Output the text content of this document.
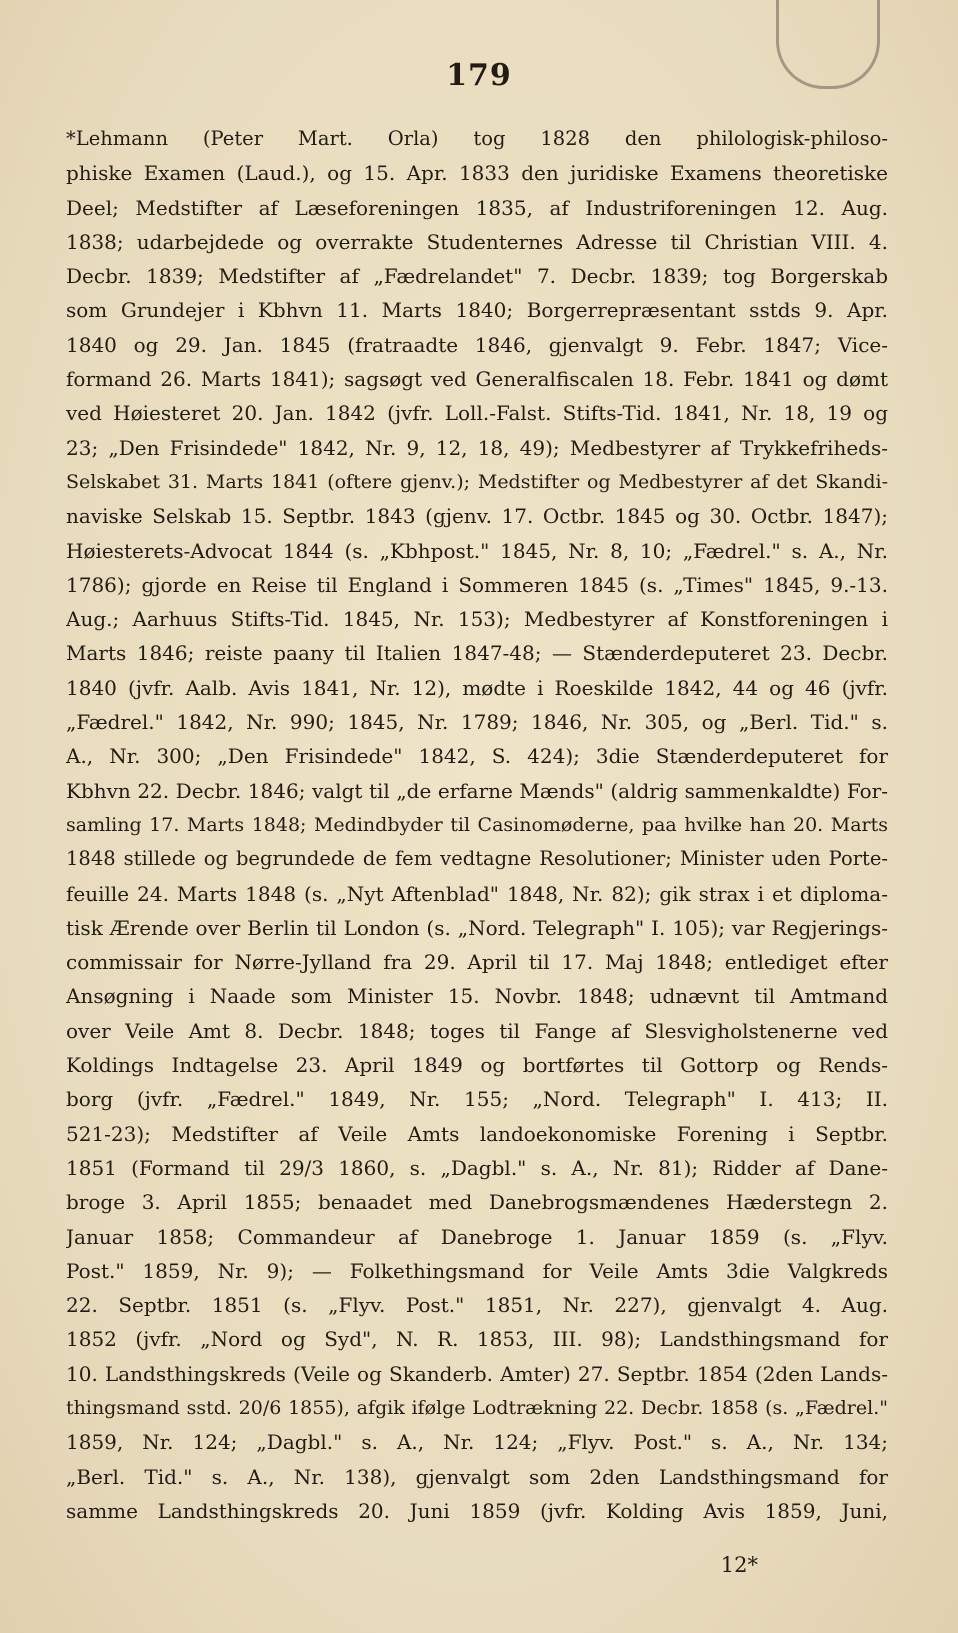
179
*Lehmann (Peter Mart. Orla) tog 1828 den philologisk-philoso-
phiske Examen (Laud.), og 15. Apr. 1833 den juridiske Examens theoretiske
Deel; Medstifter af Læseforeningen 1835, af Industriforeningen 12. Aug.
1838; udarbejdede og overrakte Studenternes Adresse til Christian VIII. 4.
Decbr. 1839; Medstifter af „Fædrelandet" 7. Decbr. 1839; tog Borgerskab
som Grundejer i Kbhvn 11. Marts 1840; Borgerrepræsentant sstds 9. Apr.
1840 og 29. Jan. 1845 (fratraadte 1846, gjenvalgt 9. Febr. 1847; Vice-
formand 26. Marts 1841); sagsøgt ved Generalfiscalen 18. Febr. 1841 og dømt
ved Høiesteret 20. Jan. 1842 (jvfr. Loll.-Falst. Stifts-Tid. 1841, Nr. 18, 19 og
23; „Den Frisindede" 1842, Nr. 9, 12, 18, 49); Medbestyrer af Trykkefriheds-
Selskabet 31. Marts 1841 (oftere gjenv.); Medstifter og Medbestyrer af det Skandi-
naviske Selskab 15. Septbr. 1843 (gjenv. 17. Octbr. 1845 og 30. Octbr. 1847);
Høiesterets-Advocat 1844 (s. „Kbhpost." 1845, Nr. 8, 10; „Fædrel." s. A., Nr.
1786); gjorde en Reise til England i Sommeren 1845 (s. „Times" 1845, 9.-13.
Aug.; Aarhuus Stifts-Tid. 1845, Nr. 153); Medbestyrer af Konstforeningen i
Marts 1846; reiste paany til Italien 1847-48; — Stænderdeputeret 23. Decbr.
1840 (jvfr. Aalb. Avis 1841, Nr. 12), mødte i Roeskilde 1842, 44 og 46 (jvfr.
„Fædrel." 1842, Nr. 990; 1845, Nr. 1789; 1846, Nr. 305, og „Berl. Tid." s.
A., Nr. 300; „Den Frisindede" 1842, S. 424); 3die Stænderdeputeret for
Kbhvn 22. Decbr. 1846; valgt til „de erfarne Mænds" (aldrig sammenkaldte) For-
samling 17. Marts 1848; Medindbyder til Casinomøderne, paa hvilke han 20. Marts
1848 stillede og begrundede de fem vedtagne Resolutioner; Minister uden Porte-
feuille 24. Marts 1848 (s. „Nyt Aftenblad" 1848, Nr. 82); gik strax i et diploma-
tisk Ærende over Berlin til London (s. „Nord. Telegraph" I. 105); var Regjerings-
commissair for Nørre-Jylland fra 29. April til 17. Maj 1848; entlediget efter
Ansøgning i Naade som Minister 15. Novbr. 1848; udnævnt til Amtmand
over Veile Amt 8. Decbr. 1848; toges til Fange af Slesvigholstenerne ved
Koldings Indtagelse 23. April 1849 og bortførtes til Gottorp og Rends-
borg (jvfr. „Fædrel." 1849, Nr. 155; „Nord. Telegraph" I. 413; II.
521-23); Medstifter af Veile Amts landoekonomiske Forening i Septbr.
1851 (Formand til 29/3 1860, s. „Dagbl." s. A., Nr. 81); Ridder af Dane-
broge 3. April 1855; benaadet med Danebrogsmændenes Hæderstegn 2.
Januar 1858; Commandeur af Danebroge 1. Januar 1859 (s. „Flyv.
Post." 1859, Nr. 9); — Folkethingsmand for Veile Amts 3die Valgkreds
22. Septbr. 1851 (s. „Flyv. Post." 1851, Nr. 227), gjenvalgt 4. Aug.
1852 (jvfr. „Nord og Syd", N. R. 1853, III. 98); Landsthingsmand for
10. Landsthingskreds (Veile og Skanderb. Amter) 27. Septbr. 1854 (2den Lands-
thingsmand sstd. 20/6 1855), afgik ifølge Lodtrækning 22. Decbr. 1858 (s. „Fædrel."
1859, Nr. 124; „Dagbl." s. A., Nr. 124; „Flyv. Post." s. A., Nr. 134;
„Berl. Tid." s. A., Nr. 138), gjenvalgt som 2den Landsthingsmand for
samme Landsthingskreds 20. Juni 1859 (jvfr. Kolding Avis 1859, Juni,
12*
